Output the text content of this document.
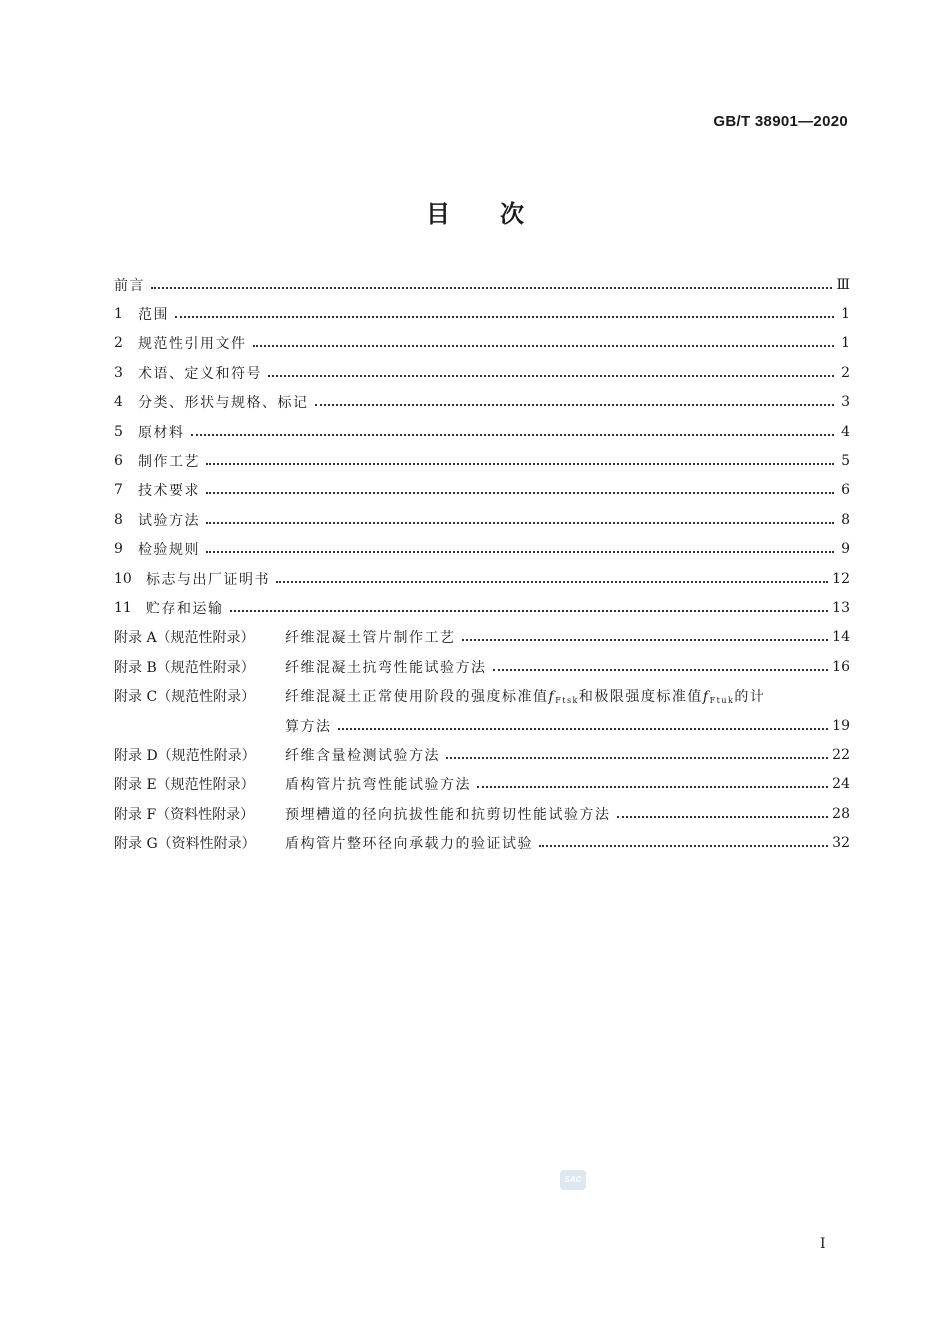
GB/T 38901—2020
目次
前言	Ⅲ
1	范围	1
2	规范性引用文件	1
3	术语、定义和符号	2
4	分类、形状与规格、标记	3
5	原材料	4
6	制作工艺	5
7	技术要求	6
8	试验方法	8
9	检验规则	9
10	标志与出厂证明书	12
11	贮存和运输	13
附录 A（规范性附录）	纤维混凝土管片制作工艺	14
附录 B（规范性附录）	纤维混凝土抗弯性能试验方法	16
附录 C（规范性附录）	纤维混凝土正常使用阶段的强度标准值$f_{Ftsk}$和极限强度标准值$f_{Ftuk}$的计
算方法	19
附录 D（规范性附录）	纤维含量检测试验方法	22
附录 E（规范性附录）	盾构管片抗弯性能试验方法	24
附录 F（资料性附录）	预埋槽道的径向抗拔性能和抗剪切性能试验方法	28
附录 G（资料性附录）	盾构管片整环径向承载力的验证试验	32
SAC
I
